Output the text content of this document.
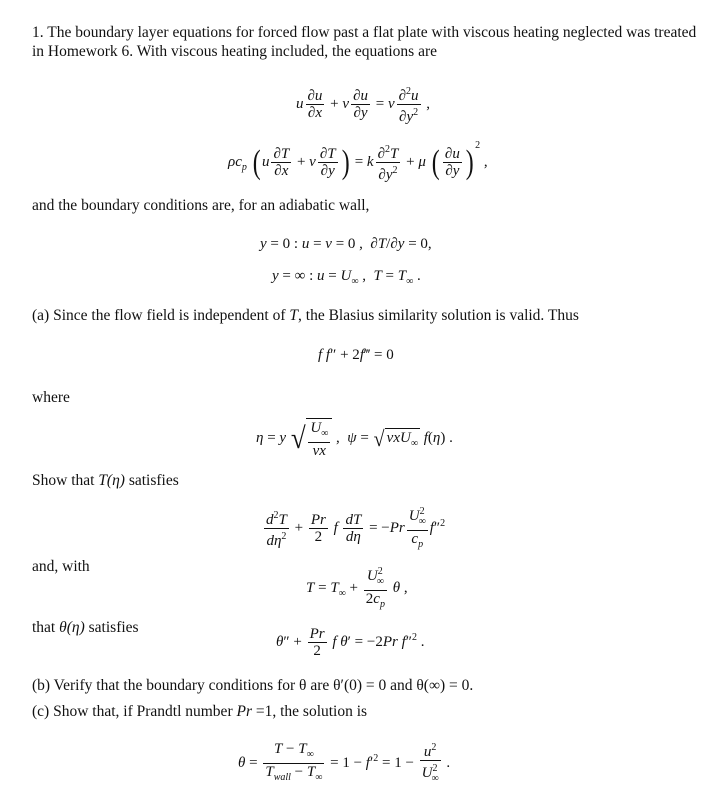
1. The boundary layer equations for forced flow past a flat plate with viscous heating neglected was treated
in Homework 6. With viscous heating included, the equations are
u $\frac{\partial u}{\partial x} + v \frac{\partial u}{\partial y} = \nu \frac{\partial^2u}{\partial y^2}$ ,
$\rho c_p$ ( u $\frac{\partial T}{\partial x} + v \frac{\partial T}{\partial y}$ ) = k $\frac{\partial^2T}{\partial y^2} + \mu$ ( $\frac{\partial u}{\partial y}$ ) $^2$ ,
and the boundary conditions are, for an adiabatic wall,
y = 0 : u = v = 0 ,  ∂T/∂y = 0,
y = ∞ : $u = U_\infty$ ,  $T = T_\infty$ .
(a) Since the flow field is independent of T, the Blasius similarity solution is valid. Thus
f f″ + 2f‴ = 0
where
η = y √ $\frac{U_\infty}{\nu x}$ ,  ψ = √ νxU$_\infty$ f(η) .
Show that T(η) satisfies
$\frac{d^2T}{d\eta^2} + \frac{Pr}{2}$ f $\frac{dT}{d\eta} = -Pr \frac{U^2_\infty}{c_p} f''^2$
and, with
$T = T_\infty + \frac{U^2_\infty}{2c_p}$ θ ,
that θ(η) satisfies
$\theta'' + \frac{Pr}{2}$ f θ′ = −2Pr f″$^2$ .
(b) Verify that the boundary conditions for θ are θ′(0) = 0 and θ(∞) = 0.
(c) Show that, if Prandtl number Pr =1, the solution is
$\theta = \frac{T - T_\infty}{T_{wall} - T_\infty} = 1 - f'^2 = 1 - \frac{u^2}{U^2_\infty}$ .
